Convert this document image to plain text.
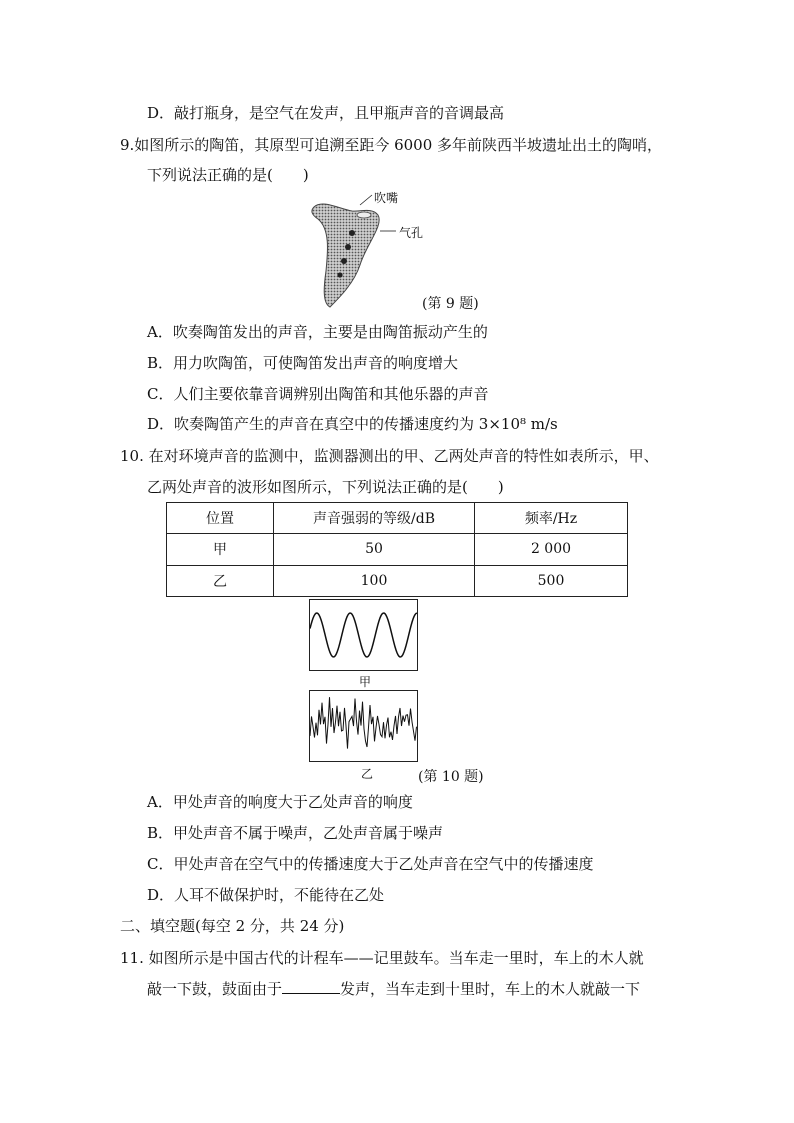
D．敲打瓶身，是空气在发声，且甲瓶声音的音调最高
9.如图所示的陶笛，其原型可追溯至距今 6000 多年前陕西半坡遗址出土的陶哨，
下列说法正确的是(　　)
吹嘴
气孔
(第 9 题)
A．吹奏陶笛发出的声音，主要是由陶笛振动产生的
B．用力吹陶笛，可使陶笛发出声音的响度增大
C．人们主要依靠音调辨别出陶笛和其他乐器的声音
D．吹奏陶笛产生的声音在真空中的传播速度约为 3×10⁸ m/s
10. 在对环境声音的监测中，监测器测出的甲、乙两处声音的特性如表所示，甲、
乙两处声音的波形如图所示，下列说法正确的是(　　)
位置	声音强弱的等级/dB	频率/Hz
甲	50	2 000
乙	100	500
甲
乙	(第 10 题)
A．甲处声音的响度大于乙处声音的响度
B．甲处声音不属于噪声，乙处声音属于噪声
C．甲处声音在空气中的传播速度大于乙处声音在空气中的传播速度
D．人耳不做保护时，不能待在乙处
二、填空题(每空 2 分，共 24 分)
11. 如图所示是中国古代的计程车——记里鼓车。当车走一里时，车上的木人就
敲一下鼓，鼓面由于	发声，当车走到十里时，车上的木人就敲一下
